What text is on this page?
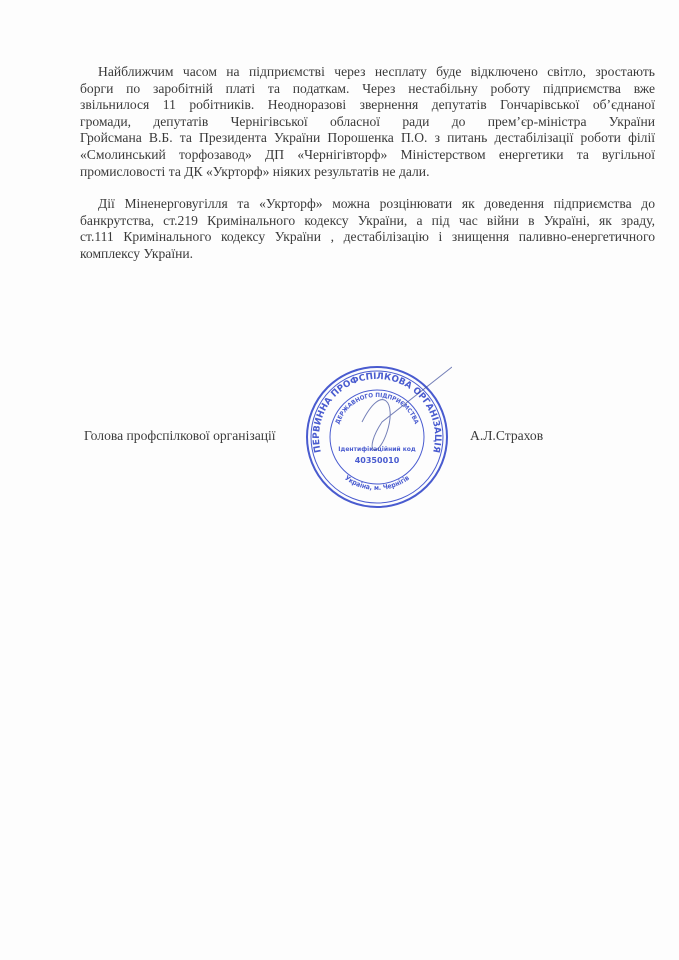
Найближчим часом на підприємстві через несплату буде відключено світло, зростають
борги по заробітній платі та податкам. Через нестабільну роботу підприємства вже
звільнилося 11 робітників. Неодноразові звернення депутатів Гончарівської об’єднаної
громади, депутатів Чернігівської обласної ради до прем’єр-міністра України
Гройсмана В.Б. та Президента України Порошенка П.О. з питань дестабілізації роботи філії
«Смолинський торфозавод» ДП «Чернігівторф» Міністерством енергетики та вугільної
промисловості та ДК «Укрторф» ніяких результатів не дали.
Дії Міненерговугілля та «Укрторф» можна розцінювати як доведення підприємства до
банкрутства, ст.219 Кримінального кодексу України, а під час війни в Україні, як зраду,
ст.111 Кримінального кодексу України , дестабілізацію і знищення паливно-енергетичного
комплексу України.
Голова профспілкової організації	А.Л.Страхов
ПЕРВИННА ПРОФСПІЛКОВА ОРГАНІЗАЦІЯ
ДЕРЖАВНОГО ПІДПРИЄМСТВА
Україна, м. Чернігів
Ідентифікаційний код
40350010
